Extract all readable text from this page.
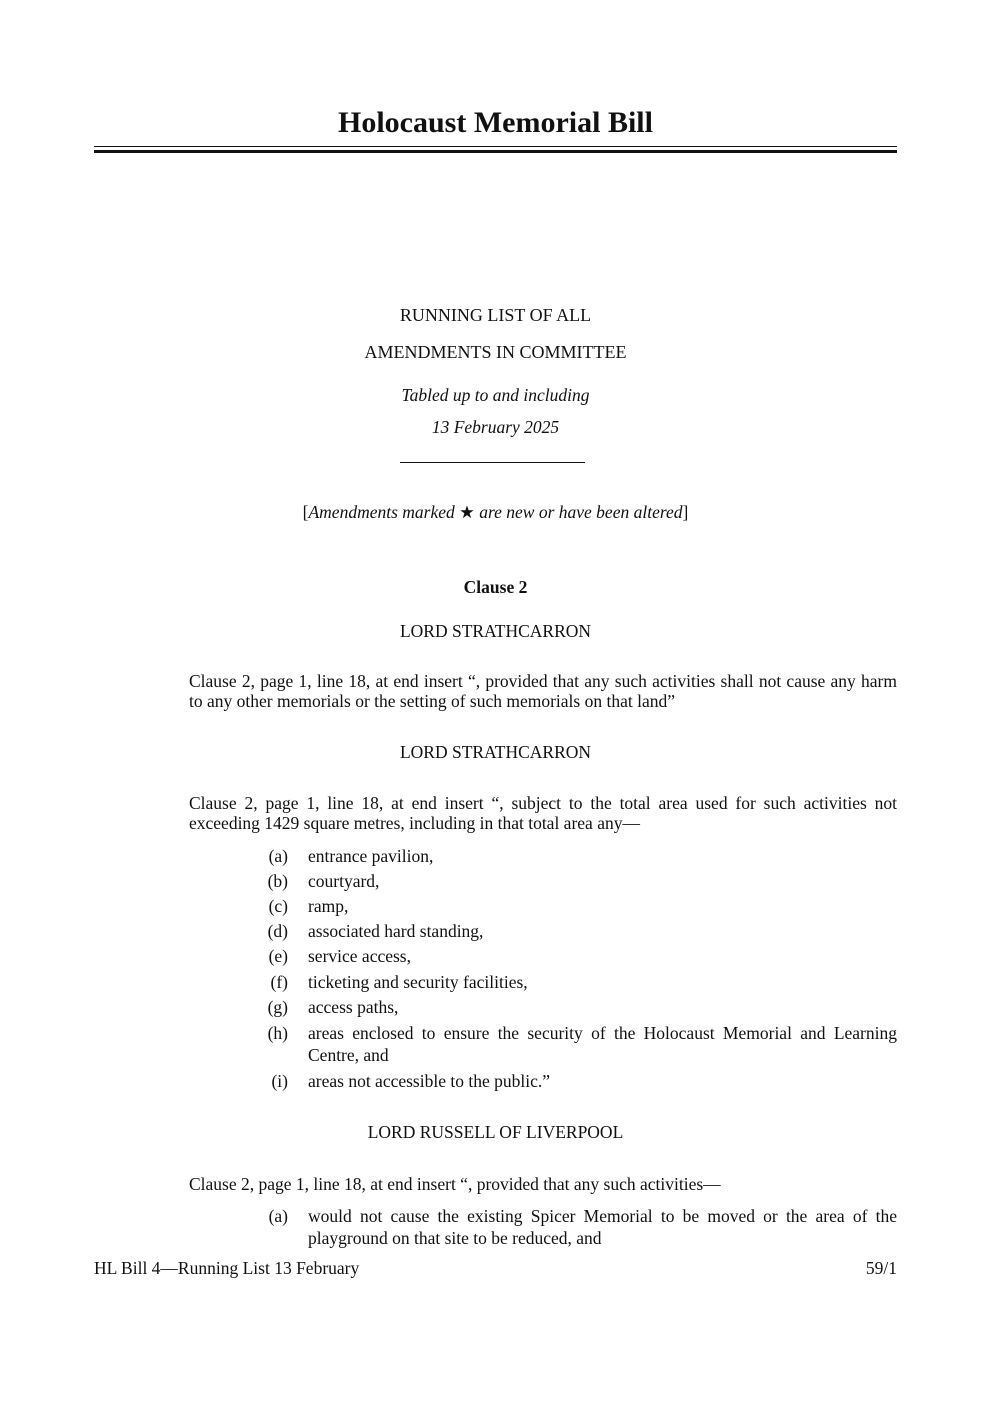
Holocaust Memorial Bill
RUNNING LIST OF ALL
AMENDMENTS IN COMMITTEE
Tabled up to and including
13 February 2025
[Amendments marked ★ are new or have been altered]
Clause 2
LORD STRATHCARRON
Clause 2, page 1, line 18, at end insert “, provided that any such activities shall not cause any harm to any other memorials or the setting of such memorials on that land”
LORD STRATHCARRON
Clause 2, page 1, line 18, at end insert “, subject to the total area used for such activities not exceeding 1429 square metres, including in that total area any—
(a) entrance pavilion,
(b) courtyard,
(c) ramp,
(d) associated hard standing,
(e) service access,
(f) ticketing and security facilities,
(g) access paths,
(h) areas enclosed to ensure the security of the Holocaust Memorial and Learning Centre, and
(i) areas not accessible to the public.”
LORD RUSSELL OF LIVERPOOL
Clause 2, page 1, line 18, at end insert “, provided that any such activities—
(a) would not cause the existing Spicer Memorial to be moved or the area of the playground on that site to be reduced, and
HL Bill 4—Running List 13 February	59/1
